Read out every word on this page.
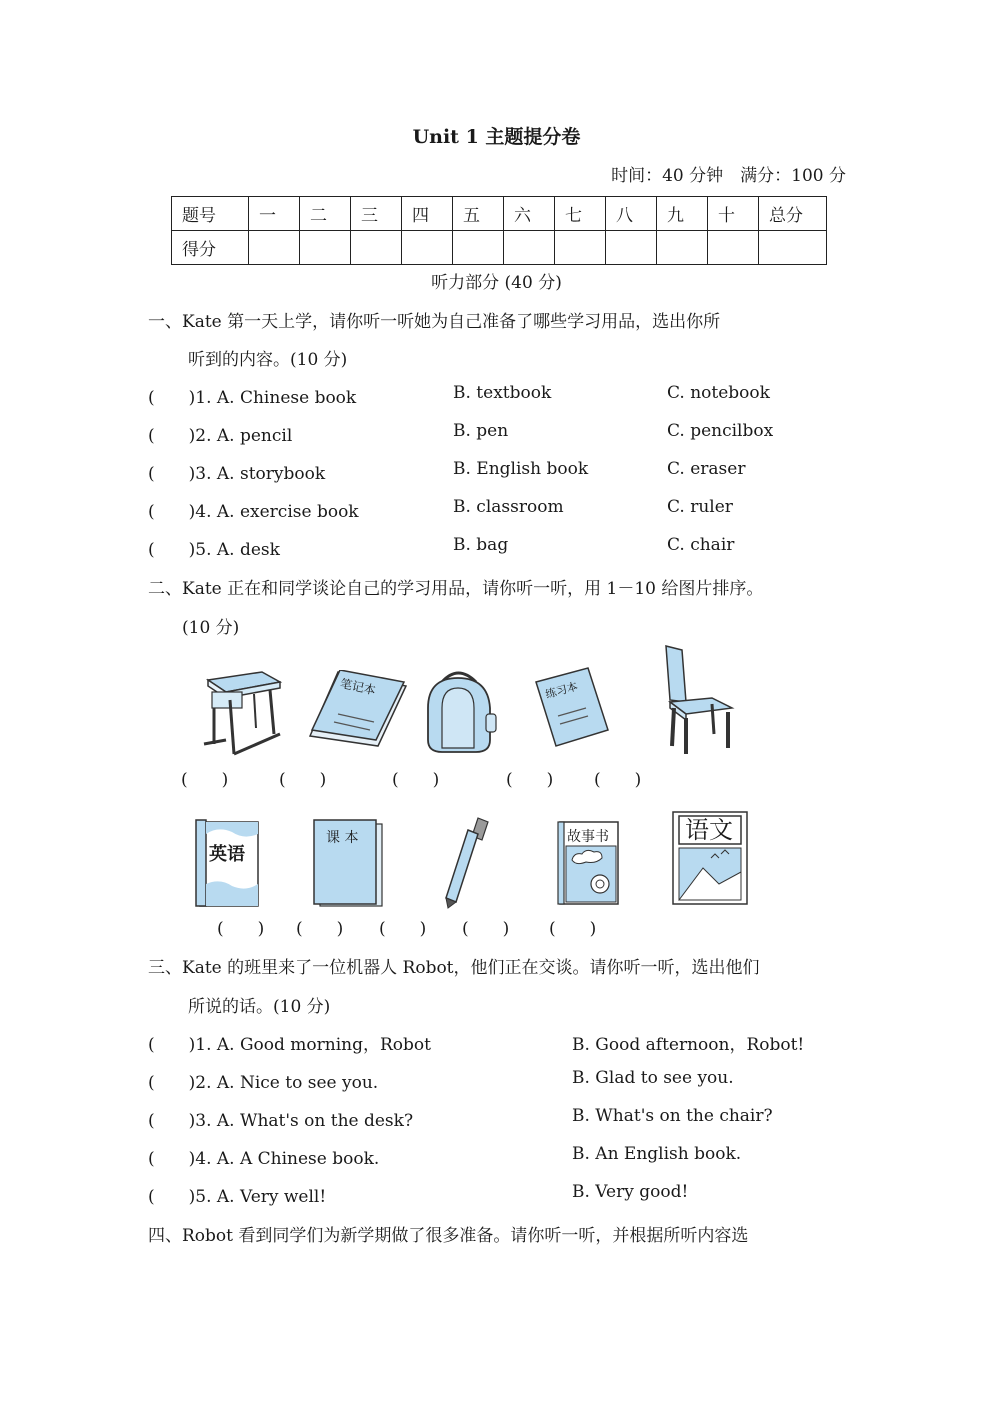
Unit 1 主题提分卷
时间：40 分钟　满分：100 分
题号	一	二	三	四	五	六	七	八	九	十	总分
得分											
听力部分 (40 分)
一、Kate 第一天上学，请你听一听她为自己准备了哪些学习用品，选出你所
听到的内容。(10 分)
(　　)1. A. Chinese book	B. textbook	C. notebook
(　　)2. A. pencil	B. pen	C. pencilbox
(　　)3. A. storybook	B. English book	C. eraser
(　　)4. A. exercise book	B. classroom	C. ruler
(　　)5. A. desk	B. bag	C. chair
二、Kate 正在和同学谈论自己的学习用品，请你听一听，用 1－10 给图片排序。
(10 分)
笔记本	练习本
(　　)	(　　)	(　　)	(　　) (　　)
英语
课 本	故事书	语文
(　　) (　　) (　　) (　　) (　　)
三、Kate 的班里来了一位机器人 Robot，他们正在交谈。请你听一听，选出他们
所说的话。(10 分)
(　　)1. A. Good morning，Robot	B. Good afternoon，Robot!
(　　)2. A. Nice to see you.	B. Glad to see you.
(　　)3. A. What's on the desk?	B. What's on the chair?
(　　)4. A. A Chinese book.	B. An English book.
(　　)5. A. Very well!	B. Very good!
四、Robot 看到同学们为新学期做了很多准备。请你听一听，并根据所听内容选
